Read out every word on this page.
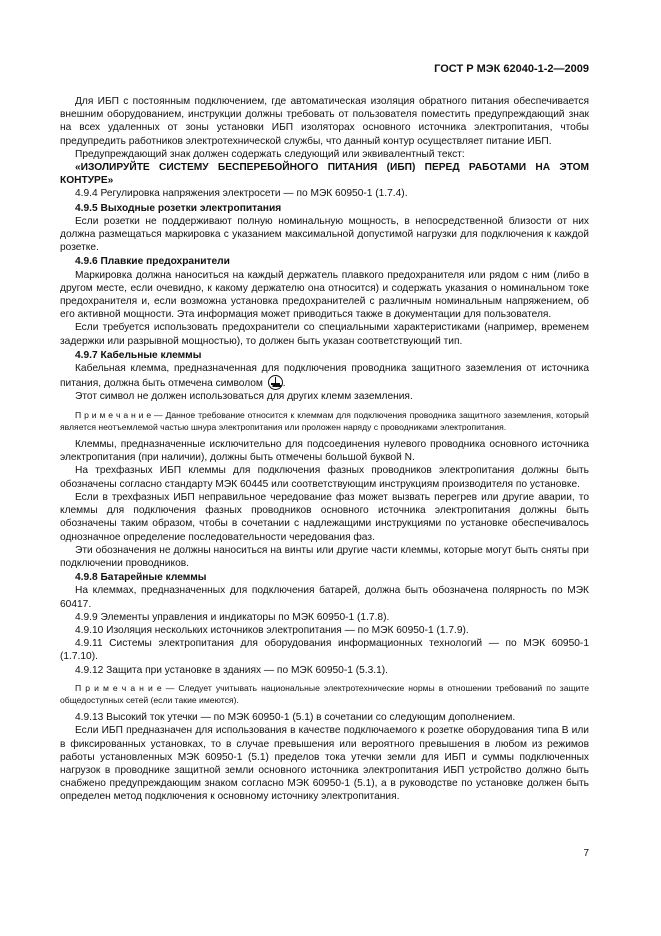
ГОСТ Р МЭК 62040-1-2—2009

Для ИБП с постоянным подключением, где автоматическая изоляция обратного питания обеспечивается внешним оборудованием, инструкции должны требовать от пользователя поместить предупреждающий знак на всех удаленных от зоны установки ИБП изоляторах основного источника электропитания, чтобы предупредить работников электротехнической службы, что данный контур осуществляет питание ИБП.

Предупреждающий знак должен содержать следующий или эквивалентный текст:

«ИЗОЛИРУЙТЕ СИСТЕМУ БЕСПЕРЕБОЙНОГО ПИТАНИЯ (ИБП) ПЕРЕД РАБОТАМИ НА ЭТОМ КОНТУРЕ»

4.9.4 Регулировка напряжения электросети — по МЭК 60950-1 (1.7.4).

4.9.5 Выходные розетки электропитания

Если розетки не поддерживают полную номинальную мощность, в непосредственной близости от них должна размещаться маркировка с указанием максимальной допустимой нагрузки для подключения к каждой розетке.

4.9.6 Плавкие предохранители

Маркировка должна наноситься на каждый держатель плавкого предохранителя или рядом с ним (либо в другом месте, если очевидно, к какому держателю она относится) и содержать указания о номинальном токе предохранителя и, если возможна установка предохранителей с различным номинальным напряжением, об его активной мощности. Эта информация может приводиться также в документации для пользователя.

Если требуется использовать предохранители со специальными характеристиками (например, временем задержки или разрывной мощностью), то должен быть указан соответствующий тип.

4.9.7 Кабельные клеммы

Кабельная клемма, предназначенная для подключения проводника защитного заземления от источника питания, должна быть отмечена символом .

Этот символ не должен использоваться для других клемм заземления.

П р и м е ч а н и е — Данное требование относится к клеммам для подключения проводника защитного заземления, который является неотъемлемой частью шнура электропитания или проложен наряду с проводниками электропитания.

Клеммы, предназначенные исключительно для подсоединения нулевого проводника основного источника электропитания (при наличии), должны быть отмечены большой буквой N.

На трехфазных ИБП клеммы для подключения фазных проводников электропитания должны быть обозначены согласно стандарту МЭК 60445 или соответствующим инструкциям производителя по установке.

Если в трехфазных ИБП неправильное чередование фаз может вызвать перегрев или другие аварии, то клеммы для подключения фазных проводников основного источника электропитания должны быть обозначены таким образом, чтобы в сочетании с надлежащими инструкциями по установке обеспечивалось однозначное определение последовательности чередования фаз.

Эти обозначения не должны наноситься на винты или другие части клеммы, которые могут быть сняты при подключении проводников.

4.9.8 Батарейные клеммы

На клеммах, предназначенных для подключения батарей, должна быть обозначена полярность по МЭК 60417.

4.9.9 Элементы управления и индикаторы по МЭК 60950-1 (1.7.8).

4.9.10 Изоляция нескольких источников электропитания — по МЭК 60950-1 (1.7.9).

4.9.11 Системы электропитания для оборудования информационных технологий — по МЭК 60950-1 (1.7.10).

4.9.12 Защита при установке в зданиях — по МЭК 60950-1 (5.3.1).

П р и м е ч а н и е — Следует учитывать национальные электротехнические нормы в отношении требований по защите общедоступных сетей (если такие имеются).

4.9.13 Высокий ток утечки — по МЭК 60950-1 (5.1) в сочетании со следующим дополнением.

Если ИБП предназначен для использования в качестве подключаемого к розетке оборудования типа В или в фиксированных установках, то в случае превышения или вероятного превышения в любом из режимов работы установленных МЭК 60950-1 (5.1) пределов тока утечки земли для ИБП и суммы подключенных нагрузок в проводнике защитной земли основного источника электропитания ИБП устройство должно быть снабжено предупреждающим знаком согласно МЭК 60950-1 (5.1), а в руководстве по установке должен быть определен метод подключения к основному источнику электропитания.

7
